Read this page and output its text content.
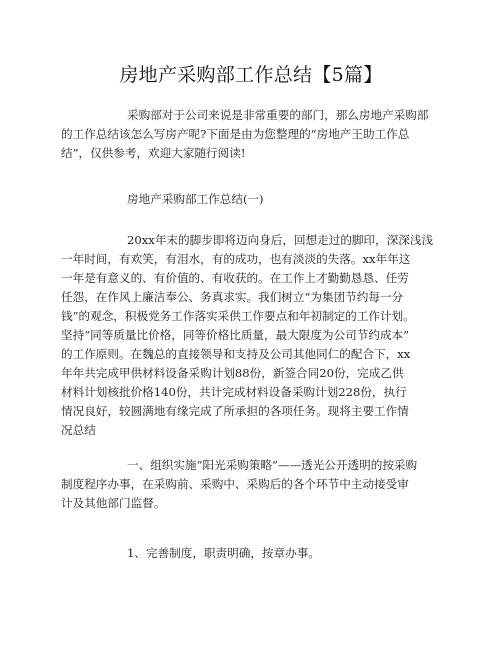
房地产采购部工作总结【5篇】
采购部对于公司来说是非常重要的部门，那么房地产采购部
的工作总结该怎么写房产呢?下面是由为您整理的“房地产王助工作总
结”，仅供参考，欢迎大家随行阅读!
房地产采购部工作总结(一)
20xx年末的脚步即将迈向身后，回想走过的脚印，深深浅浅
一年时间，有欢笑，有泪水，有的成功，也有淡淡的失落。xx年年这
一年是有意义的、有价值的、有收获的。在工作上才勤勤恳恳、任劳
任怨，在作风上廉洁奉公、务真求实。我们树立“为集团节约每一分
钱”的观念，积极党务工作落实采供工作要点和年初制定的工作计划。
坚持“同等质量比价格，同等价格比质量，最大限度为公司节约成本”
的工作原则。在魏总的直接领导和支持及公司其他同仁的配合下，xx
年年共完成甲供材料设备采购计划88份，新签合同20份，完成乙供
材料计划核批价格140份，共计完成材料设备采购计划228份，执行
情况良好，较圆满地有缘完成了所承担的各项任务。现将主要工作情
况总结
一、组织实施“阳光采购策略”——透光公开透明的按采购
制度程序办事，在采购前、采购中、采购后的各个环节中主动接受审
计及其他部门监督。
1、完善制度，职责明确，按章办事。
